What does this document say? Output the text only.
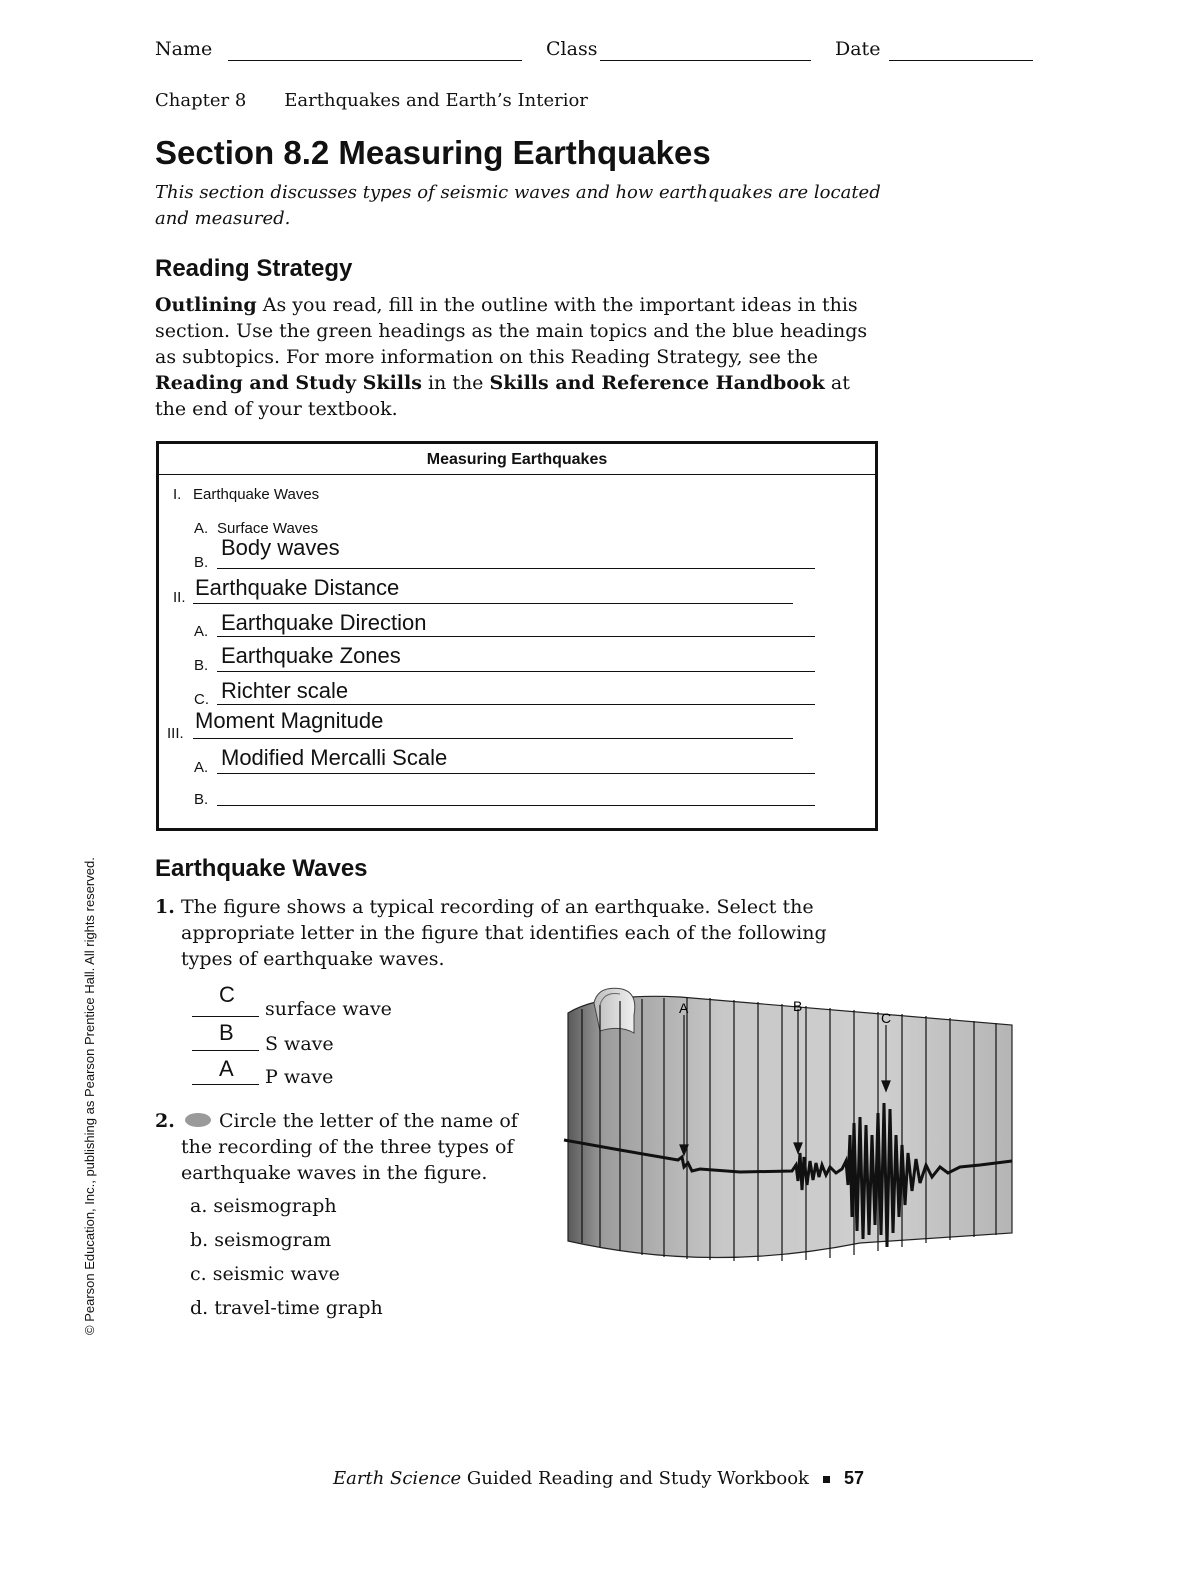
Name	Class	Date
Chapter 8 Earthquakes and Earth’s Interior
Section 8.2 Measuring Earthquakes
This section discusses types of seismic waves and how earthquakes are located and measured.
Reading Strategy
Outlining As you read, fill in the outline with the important ideas in this section. Use the green headings as the main topics and the blue headings as subtopics. For more information on this Reading Strategy, see the Reading and Study Skills in the Skills and Reference Handbook at the end of your textbook.
Measuring Earthquakes
I. Earthquake Waves
A. Surface Waves
B.
Body waves
II. Earthquake Distance
A. Earthquake Direction
B. Earthquake Zones
C. Richter scale
III.
Moment Magnitude
A. Modified Mercalli Scale
B.
Earthquake Waves
1. The figure shows a typical recording of an earthquake. Select the appropriate letter in the figure that identifies each of the following types of earthquake waves.
C
surface wave
B S wave
A P wave
2.	Circle the letter of the name of the recording of the three types of earthquake waves in the figure.
a. seismograph
b. seismogram
c. seismic wave
d. travel-time graph
A	B
C
© Pearson Education, Inc., publishing as Pearson Prentice Hall. All rights reserved.
Earth Science Guided Reading and Study Workbook 57
